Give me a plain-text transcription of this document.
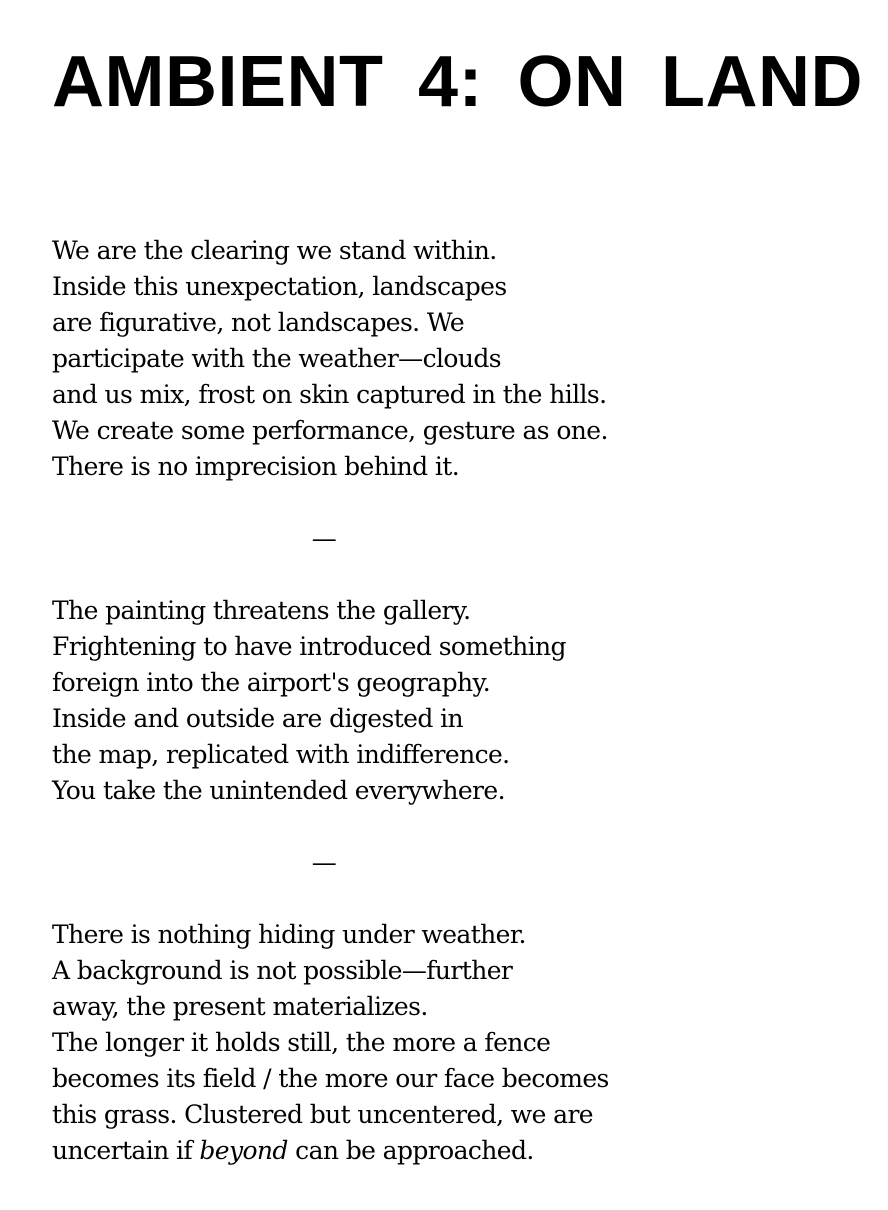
AMBIENT 4: ON LAND

We are the clearing we stand within.
Inside this unexpectation, landscapes
are figurative, not landscapes. We
participate with the weather—clouds
and us mix, frost on skin captured in the hills.
We create some performance, gesture as one.
There is no imprecision behind it.

—

The painting threatens the gallery.
Frightening to have introduced something
foreign into the airport's geography.
Inside and outside are digested in
the map, replicated with indifference.
You take the unintended everywhere.

—

There is nothing hiding under weather.
A background is not possible—further
away, the present materializes.
The longer it holds still, the more a fence
becomes its field / the more our face becomes
this grass. Clustered but uncentered, we are
uncertain if beyond can be approached.
